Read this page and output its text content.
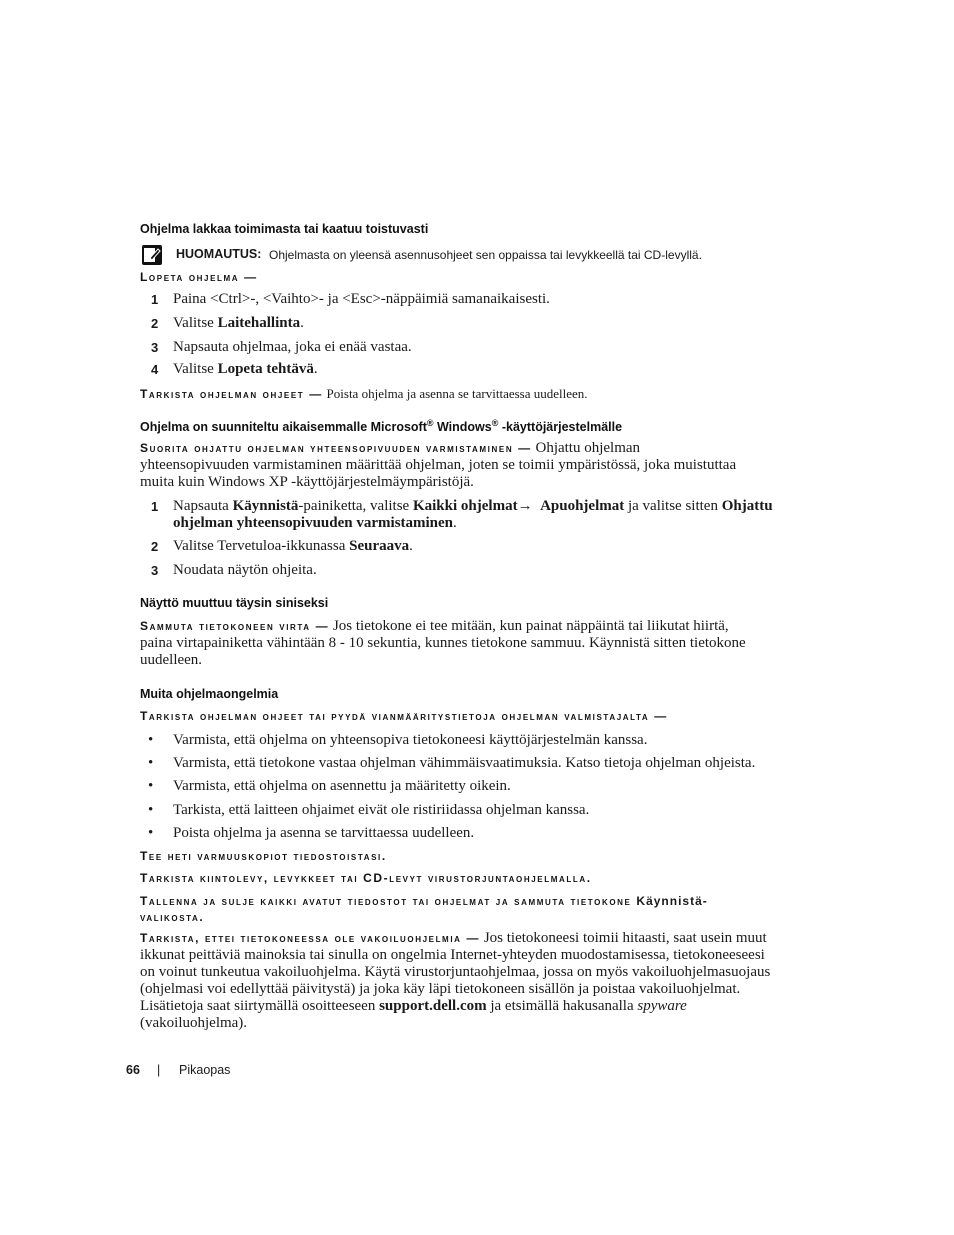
Ohjelma lakkaa toimimasta tai kaatuu toistuvasti
HUOMAUTUS: Ohjelmasta on yleensä asennusohjeet sen oppaissa tai levykkeellä tai CD-levyllä.
Lopeta ohjelma —
1 Paina <Ctrl>-, <Vaihto>- ja <Esc>-näppäimiä samanaikaisesti.
2 Valitse Laitehallinta.
3 Napsauta ohjelmaa, joka ei enää vastaa.
4 Valitse Lopeta tehtävä.
Tarkista ohjelman ohjeet — Poista ohjelma ja asenna se tarvittaessa uudelleen.
Ohjelma on suunniteltu aikaisemmalle Microsoft® Windows® -käyttöjärjestelmälle
Suorita ohjattu ohjelman yhteensopivuuden varmistaminen — Ohjattu ohjelman
yhteensopivuuden varmistaminen määrittää ohjelman, joten se toimii ympäristössä, joka muistuttaa
muita kuin Windows XP -käyttöjärjestelmäympäristöjä.
1 Napsauta Käynnistä-painiketta, valitse Kaikki ohjelmat→ Apuohjelmat ja valitse sitten Ohjattu
ohjelman yhteensopivuuden varmistaminen.
2 Valitse Tervetuloa-ikkunassa Seuraava.
3 Noudata näytön ohjeita.
Näyttö muuttuu täysin siniseksi
Sammuta tietokoneen virta — Jos tietokone ei tee mitään, kun painat näppäintä tai liikutat hiirtä,
paina virtapainiketta vähintään 8 - 10 sekuntia, kunnes tietokone sammuu. Käynnistä sitten tietokone
uudelleen.
Muita ohjelmaongelmia
Tarkista ohjelman ohjeet tai pyydä vianmääritystietoja ohjelman valmistajalta —
• Varmista, että ohjelma on yhteensopiva tietokoneesi käyttöjärjestelmän kanssa.
• Varmista, että tietokone vastaa ohjelman vähimmäisvaatimuksia. Katso tietoja ohjelman ohjeista.
• Varmista, että ohjelma on asennettu ja määritetty oikein.
• Tarkista, että laitteen ohjaimet eivät ole ristiriidassa ohjelman kanssa.
• Poista ohjelma ja asenna se tarvittaessa uudelleen.
Tee heti varmuuskopiot tiedostoistasi.
Tarkista kiintolevy, levykkeet tai CD-levyt virustorjuntaohjelmalla.
Tallenna ja sulje kaikki avatut tiedostot tai ohjelmat ja sammuta tietokone Käynnistä-
valikosta.
Tarkista, ettei tietokoneessa ole vakoiluohjelmia — Jos tietokoneesi toimii hitaasti, saat usein muut
ikkunat peittäviä mainoksia tai sinulla on ongelmia Internet-yhteyden muodostamisessa, tietokoneeseesi
on voinut tunkeutua vakoiluohjelma. Käytä virustorjuntaohjelmaa, jossa on myös vakoiluohjelmasuojaus
(ohjelmasi voi edellyttää päivitystä) ja joka käy läpi tietokoneen sisällön ja poistaa vakoiluohjelmat.
Lisätietoja saat siirtymällä osoitteeseen support.dell.com ja etsimällä hakusanalla spyware
(vakoiluohjelma).
66 | Pikaopas
